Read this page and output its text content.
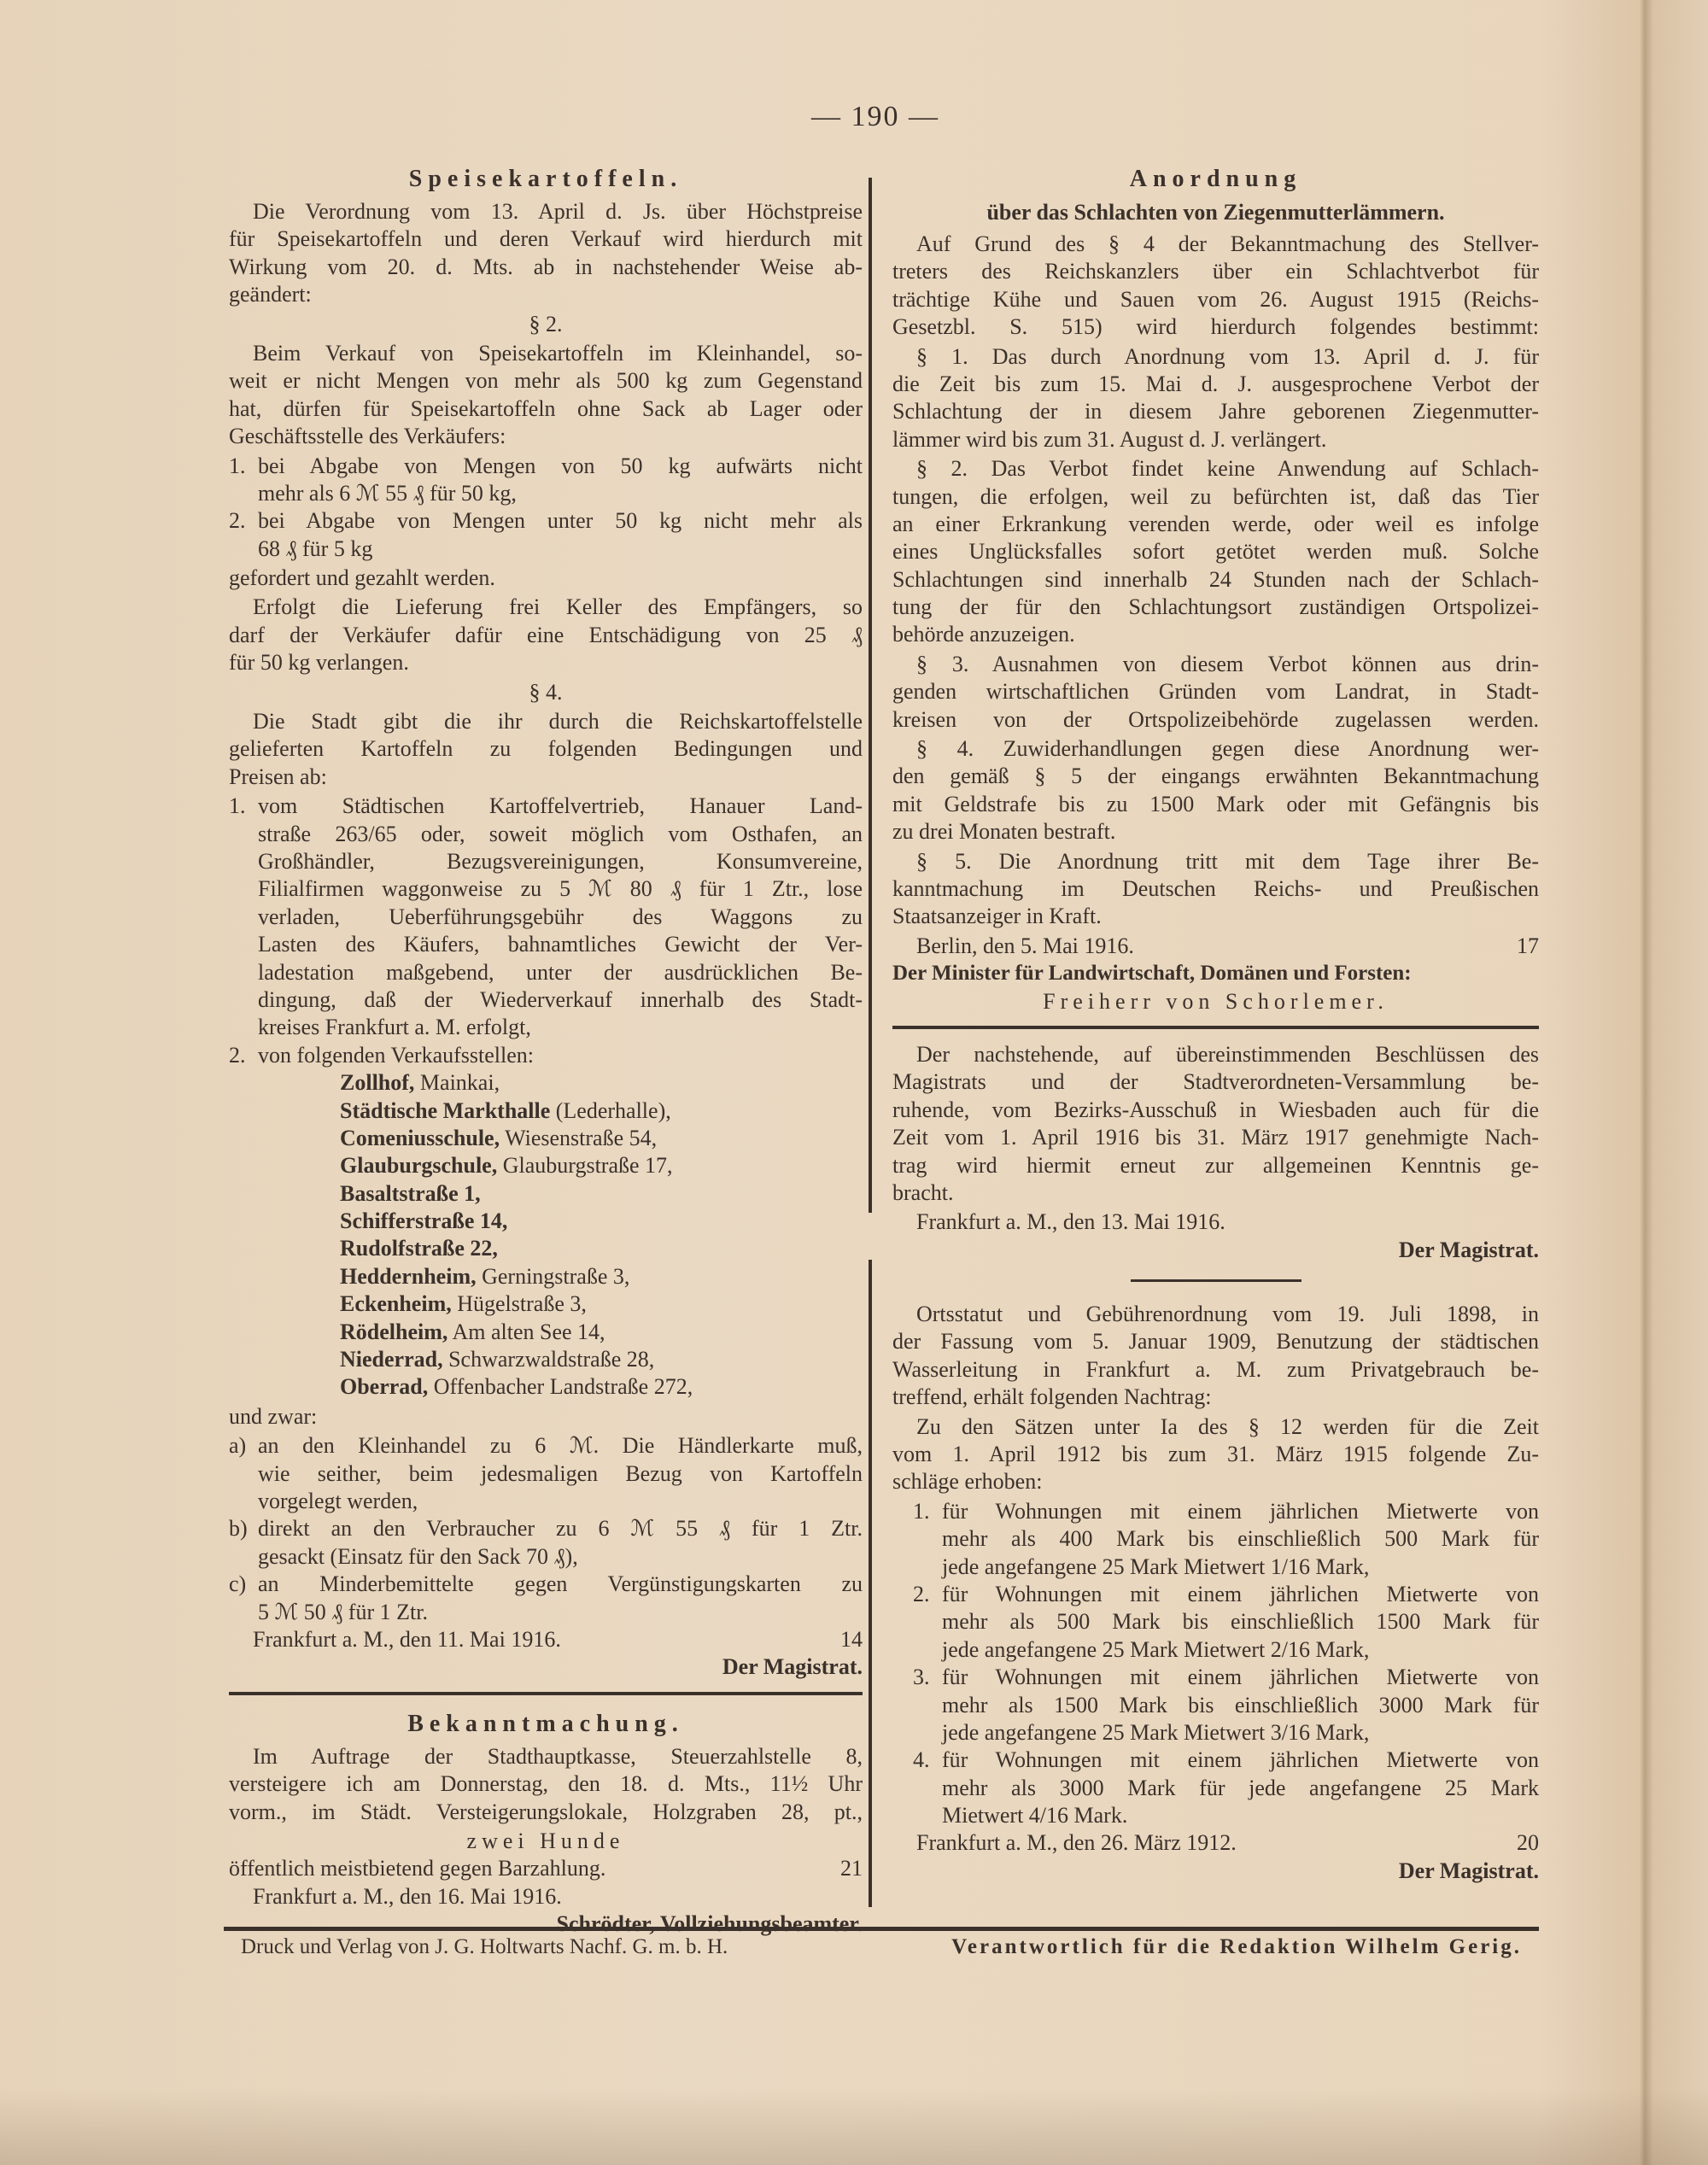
— 190 —
Speisekartoffeln.
Die Verordnung vom 13. April d. Js. über Höchstpreise
für Speisekartoffeln und deren Verkauf wird hierdurch mit
Wirkung vom 20. d. Mts. ab in nachstehender Weise ab-
geändert:
§ 2.
Beim Verkauf von Speisekartoffeln im Kleinhandel, so-
weit er nicht Mengen von mehr als 500 kg zum Gegenstand
hat, dürfen für Speisekartoffeln ohne Sack ab Lager oder
Geschäftsstelle des Verkäufers:
1. bei Abgabe von Mengen von 50 kg aufwärts nicht
mehr als 6 ℳ 55 ₰ für 50 kg,
2. bei Abgabe von Mengen unter 50 kg nicht mehr als
68 ₰ für 5 kg
gefordert und gezahlt werden.
Erfolgt die Lieferung frei Keller des Empfängers, so
darf der Verkäufer dafür eine Entschädigung von 25 ₰
für 50 kg verlangen.
§ 4.
Die Stadt gibt die ihr durch die Reichskartoffelstelle
gelieferten Kartoffeln zu folgenden Bedingungen und
Preisen ab:
1. vom Städtischen Kartoffelvertrieb, Hanauer Land-
straße 263/65 oder, soweit möglich vom Osthafen, an
Großhändler, Bezugsvereinigungen, Konsumvereine,
Filialfirmen waggonweise zu 5 ℳ 80 ₰ für 1 Ztr., lose
verladen, Ueberführungsgebühr des Waggons zu
Lasten des Käufers, bahnamtliches Gewicht der Ver-
ladestation maßgebend, unter der ausdrücklichen Be-
dingung, daß der Wiederverkauf innerhalb des Stadt-
kreises Frankfurt a. M. erfolgt,
2. von folgenden Verkaufsstellen:
Zollhof, Mainkai,
Städtische Markthalle (Lederhalle),
Comeniusschule, Wiesenstraße 54,
Glauburgschule, Glauburgstraße 17,
Basaltstraße 1,
Schifferstraße 14,
Rudolfstraße 22,
Heddernheim, Gerningstraße 3,
Eckenheim, Hügelstraße 3,
Rödelheim, Am alten See 14,
Niederrad, Schwarzwaldstraße 28,
Oberrad, Offenbacher Landstraße 272,
und zwar:
a) an den Kleinhandel zu 6 ℳ. Die Händlerkarte muß,
wie seither, beim jedesmaligen Bezug von Kartoffeln
vorgelegt werden,
b) direkt an den Verbraucher zu 6 ℳ 55 ₰ für 1 Ztr.
gesackt (Einsatz für den Sack 70 ₰),
c) an Minderbemittelte gegen Vergünstigungskarten zu
5 ℳ 50 ₰ für 1 Ztr.
Frankfurt a. M., den 11. Mai 1916.	14
Der Magistrat.
Bekanntmachung.
Im Auftrage der Stadthauptkasse, Steuerzahlstelle 8,
versteigere ich am Donnerstag, den 18. d. Mts., 11½ Uhr
vorm., im Städt. Versteigerungslokale, Holzgraben 28, pt.,
zwei Hunde
öffentlich meistbietend gegen Barzahlung.	21
Frankfurt a. M., den 16. Mai 1916.
Schrödter, Vollziehungsbeamter.
Anordnung
über das Schlachten von Ziegenmutterlämmern.
Auf Grund des § 4 der Bekanntmachung des Stellver-
treters des Reichskanzlers über ein Schlachtverbot für
trächtige Kühe und Sauen vom 26. August 1915 (Reichs-
Gesetzbl. S. 515) wird hierdurch folgendes bestimmt:
§ 1. Das durch Anordnung vom 13. April d. J. für
die Zeit bis zum 15. Mai d. J. ausgesprochene Verbot der
Schlachtung der in diesem Jahre geborenen Ziegenmutter-
lämmer wird bis zum 31. August d. J. verlängert.
§ 2. Das Verbot findet keine Anwendung auf Schlach-
tungen, die erfolgen, weil zu befürchten ist, daß das Tier
an einer Erkrankung verenden werde, oder weil es infolge
eines Unglücksfalles sofort getötet werden muß. Solche
Schlachtungen sind innerhalb 24 Stunden nach der Schlach-
tung der für den Schlachtungsort zuständigen Ortspolizei-
behörde anzuzeigen.
§ 3. Ausnahmen von diesem Verbot können aus drin-
genden wirtschaftlichen Gründen vom Landrat, in Stadt-
kreisen von der Ortspolizeibehörde zugelassen werden.
§ 4. Zuwiderhandlungen gegen diese Anordnung wer-
den gemäß § 5 der eingangs erwähnten Bekanntmachung
mit Geldstrafe bis zu 1500 Mark oder mit Gefängnis bis
zu drei Monaten bestraft.
§ 5. Die Anordnung tritt mit dem Tage ihrer Be-
kanntmachung im Deutschen Reichs- und Preußischen
Staatsanzeiger in Kraft.
Berlin, den 5. Mai 1916.	17
Der Minister für Landwirtschaft, Domänen und Forsten:
Freiherr von Schorlemer.
Der nachstehende, auf übereinstimmenden Beschlüssen des
Magistrats und der Stadtverordneten-Versammlung be-
ruhende, vom Bezirks-Ausschuß in Wiesbaden auch für die
Zeit vom 1. April 1916 bis 31. März 1917 genehmigte Nach-
trag wird hiermit erneut zur allgemeinen Kenntnis ge-
bracht.
Frankfurt a. M., den 13. Mai 1916.
Der Magistrat.
Ortsstatut und Gebührenordnung vom 19. Juli 1898, in
der Fassung vom 5. Januar 1909, Benutzung der städtischen
Wasserleitung in Frankfurt a. M. zum Privatgebrauch be-
treffend, erhält folgenden Nachtrag:
Zu den Sätzen unter Ia des § 12 werden für die Zeit
vom 1. April 1912 bis zum 31. März 1915 folgende Zu-
schläge erhoben:
1. für Wohnungen mit einem jährlichen Mietwerte von
mehr als 400 Mark bis einschließlich 500 Mark für
jede angefangene 25 Mark Mietwert 1/16 Mark,
2. für Wohnungen mit einem jährlichen Mietwerte von
mehr als 500 Mark bis einschließlich 1500 Mark für
jede angefangene 25 Mark Mietwert 2/16 Mark,
3. für Wohnungen mit einem jährlichen Mietwerte von
mehr als 1500 Mark bis einschließlich 3000 Mark für
jede angefangene 25 Mark Mietwert 3/16 Mark,
4. für Wohnungen mit einem jährlichen Mietwerte von
mehr als 3000 Mark für jede angefangene 25 Mark
Mietwert 4/16 Mark.
Frankfurt a. M., den 26. März 1912.	20
Der Magistrat.
Druck und Verlag von J. G. Holtwarts Nachf. G. m. b. H.	Verantwortlich für die Redaktion Wilhelm Gerig.
